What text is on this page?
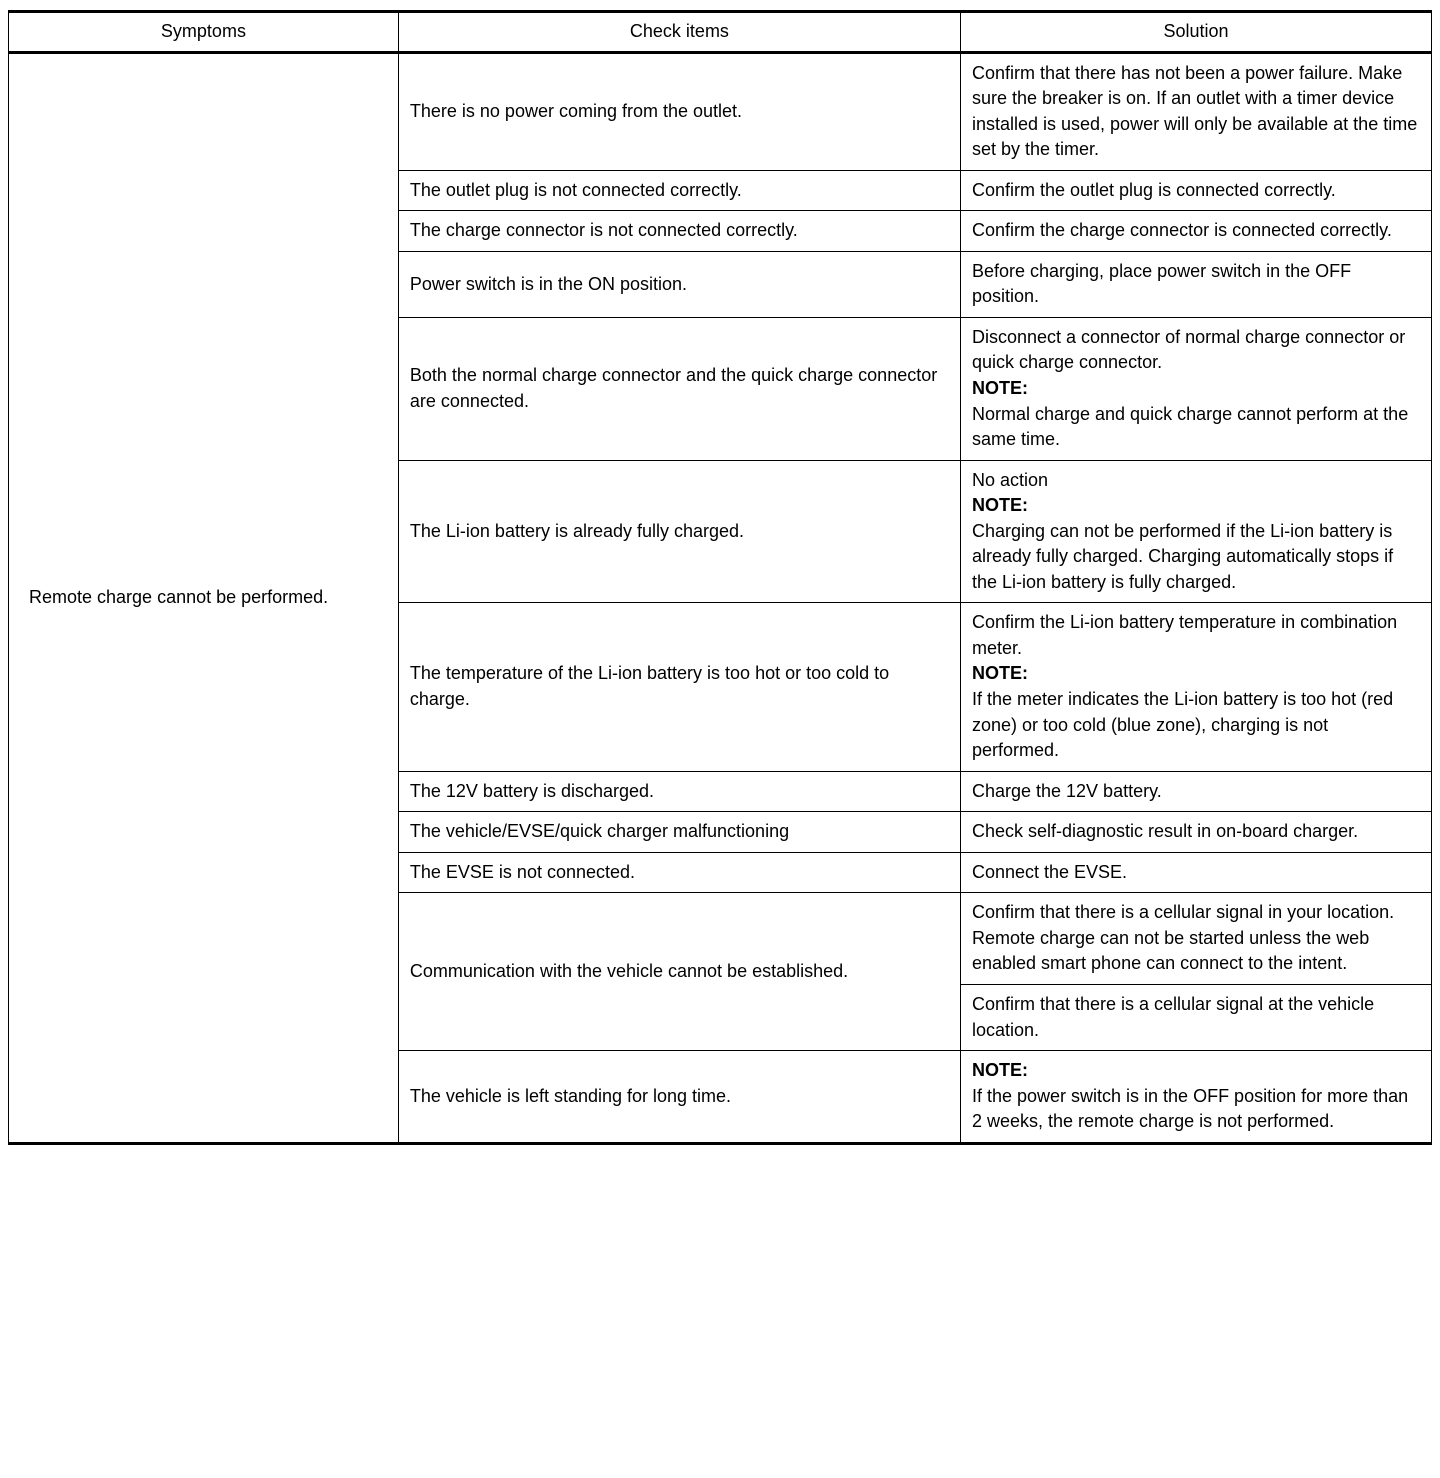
Symptoms	Check items	Solution
Remote charge cannot be performed.	There is no power coming from the outlet.	Confirm that there has not been a power failure. Make sure the breaker is on. If an outlet with a timer device installed is used, power will only be available at the time set by the timer.

	The outlet plug is not connected correctly.	Confirm the outlet plug is connected correctly.

	The charge connector is not connected correctly.	Confirm the charge connector is connected correctly.

	Power switch is in the ON position.	Before charging, place power switch in the OFF position.

	Both the normal charge connector and the quick charge connector are connected.	Disconnect a connector of normal charge connector or quick charge connector.
NOTE:
Normal charge and quick charge cannot perform at the same time.

	The Li-ion battery is already fully charged.	No action
NOTE:
Charging can not be performed if the Li-ion battery is already fully charged. Charging automatically stops if the Li-ion battery is fully charged.

	The temperature of the Li-ion battery is too hot or too cold to charge.	Confirm the Li-ion battery temperature in combination meter.
NOTE:
If the meter indicates the Li-ion battery is too hot (red zone) or too cold (blue zone), charging is not performed.

	The 12V battery is discharged.	Charge the 12V battery.

	The vehicle/EVSE/quick charger malfunctioning	Check self-diagnostic result in on-board charger.

	The EVSE is not connected.	Connect the EVSE.

	Communication with the vehicle cannot be established.	Confirm that there is a cellular signal in your location. Remote charge can not be started unless the web enabled smart phone can connect to the intent.

		Confirm that there is a cellular signal at the vehicle location.

	The vehicle is left standing for long time.	NOTE:
If the power switch is in the OFF position for more than 2 weeks, the remote charge is not performed.
